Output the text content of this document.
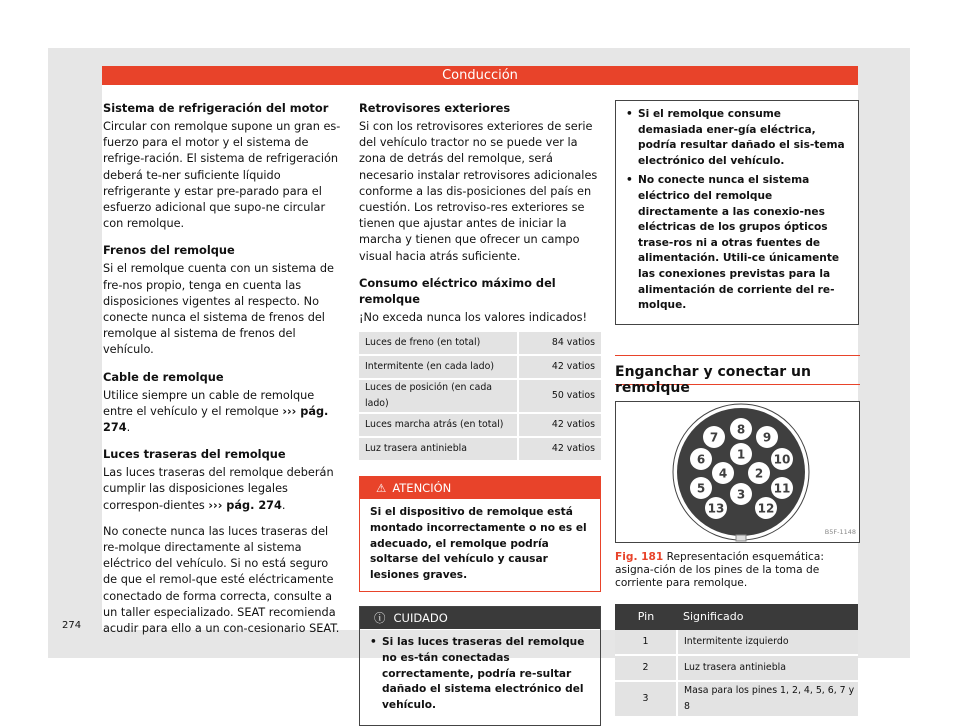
Conducción
Sistema de refrigeración del motor

Circular con remolque supone un gran es-fuerzo para el motor y el sistema de refrige-ración. El sistema de refrigeración deberá te-ner suficiente líquido refrigerante y estar pre-parado para el esfuerzo adicional que supo-ne circular con remolque.

Frenos del remolque

Si el remolque cuenta con un sistema de fre-nos propio, tenga en cuenta las disposiciones vigentes al respecto. No conecte nunca el sistema de frenos del remolque al sistema de frenos del vehículo.

Cable de remolque

Utilice siempre un cable de remolque entre el vehículo y el remolque ››› pág. 274.

Luces traseras del remolque

Las luces traseras del remolque deberán cumplir las disposiciones legales correspon-dientes ››› pág. 274.

No conecte nunca las luces traseras del re-molque directamente al sistema eléctrico del vehículo. Si no está seguro de que el remol-que esté eléctricamente conectado de forma correcta, consulte a un taller especializado. SEAT recomienda acudir para ello a un con-cesionario SEAT.

Retrovisores exteriores

Si con los retrovisores exteriores de serie del vehículo tractor no se puede ver la zona de detrás del remolque, será necesario instalar retrovisores adicionales conforme a las dis-posiciones del país en cuestión. Los retroviso-res exteriores se tienen que ajustar antes de iniciar la marcha y tienen que ofrecer un campo visual hacia atrás suficiente.

Consumo eléctrico máximo del remolque

¡No exceda nunca los valores indicados!

Luces de freno (en total)	84 vatios
Intermitente (en cada lado)	42 vatios
Luces de posición (en cada lado)	50 vatios
Luces marcha atrás (en total)	42 vatios
Luz trasera antiniebla	42 vatios
⚠ ATENCIÓN
Si el dispositivo de remolque está montado incorrectamente o no es el adecuado, el remolque podría soltarse del vehículo y causar lesiones graves.
ⓘ CUIDADO
• Si las luces traseras del remolque no es-tán conectadas correctamente, podría re-sultar dañado el sistema electrónico del vehículo.
• Si el remolque consume demasiada ener-gía eléctrica, podría resultar dañado el sis-tema electrónico del vehículo.
• No conecte nunca el sistema eléctrico del remolque directamente a las conexio-nes eléctricas de los grupos ópticos trase-ros ni a otras fuentes de alimentación. Utili-ce únicamente las conexiones previstas para la alimentación de corriente del re-molque.
Enganchar y conectar un remolque
1
2
3
4
5
6
7
8
9
10
11
12
13
B5F-1148
Fig. 181 Representación esquemática: asigna-ción de los pines de la toma de corriente para remolque.
Pin	Significado
1	Intermitente izquierdo
2	Luz trasera antiniebla
3	Masa para los pines 1, 2, 4, 5, 6, 7 y 8
274
